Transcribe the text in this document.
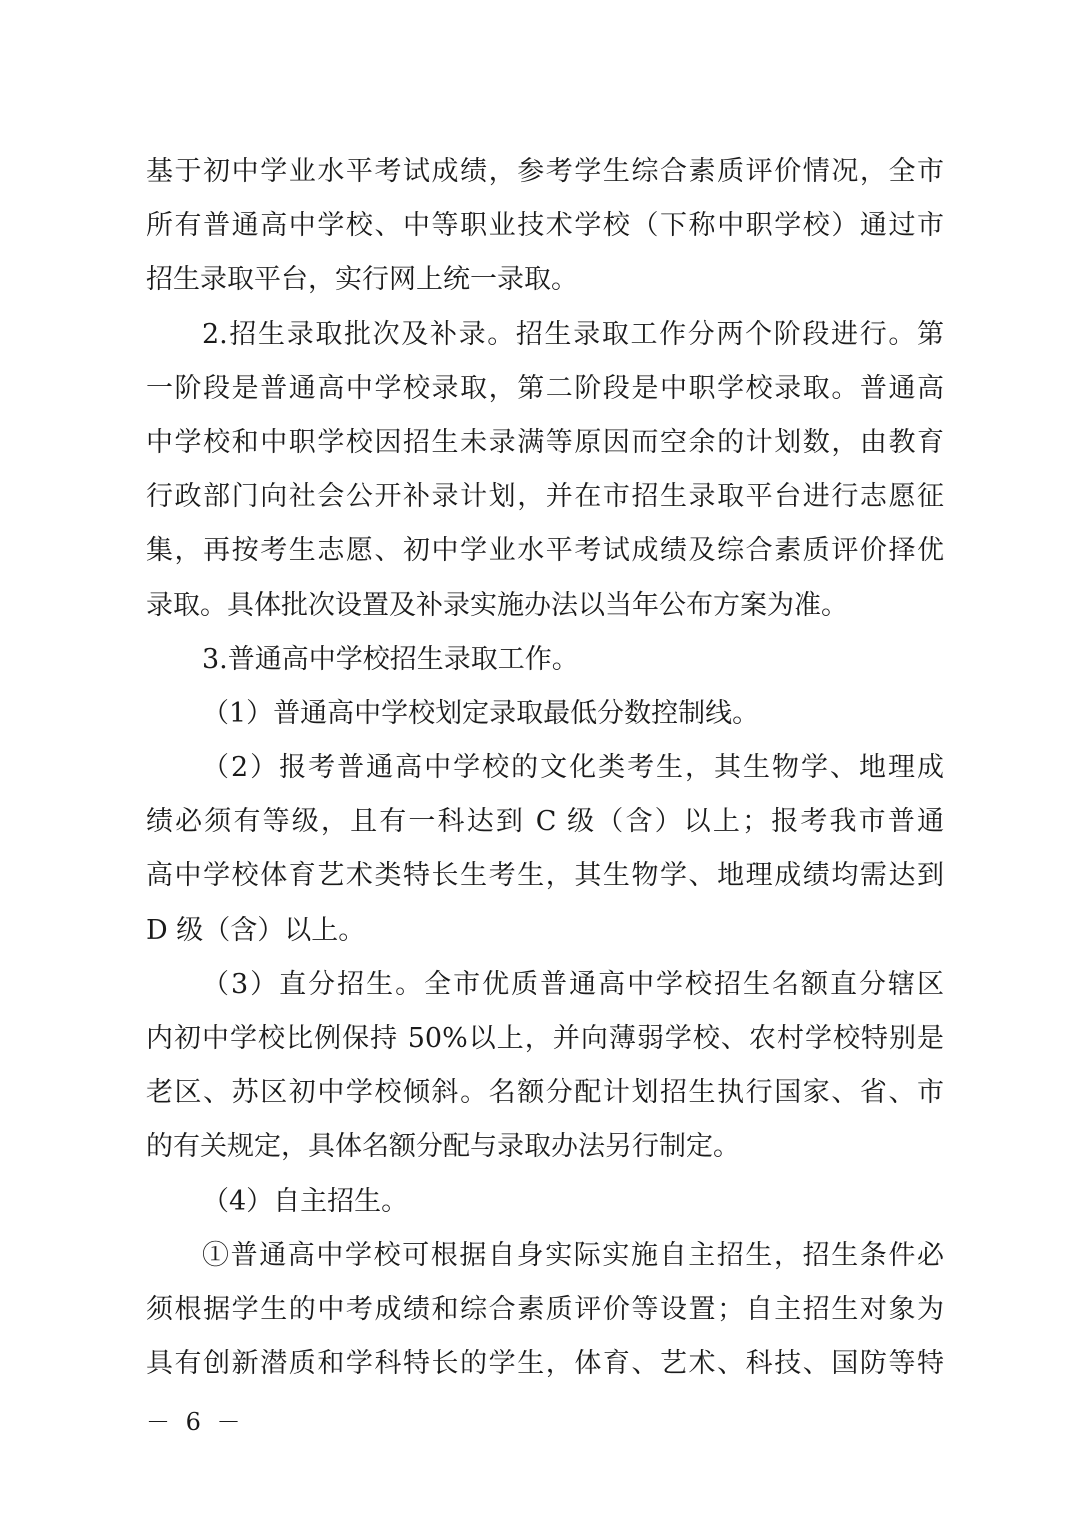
基于初中学业水平考试成绩，参考学生综合素质评价情况，全市
所有普通高中学校、中等职业技术学校（下称中职学校）通过市
招生录取平台，实行网上统一录取。
2.招生录取批次及补录。招生录取工作分两个阶段进行。第
一阶段是普通高中学校录取，第二阶段是中职学校录取。普通高
中学校和中职学校因招生未录满等原因而空余的计划数，由教育
行政部门向社会公开补录计划，并在市招生录取平台进行志愿征
集，再按考生志愿、初中学业水平考试成绩及综合素质评价择优
录取。具体批次设置及补录实施办法以当年公布方案为准。
3.普通高中学校招生录取工作。
（1）普通高中学校划定录取最低分数控制线。
（2）报考普通高中学校的文化类考生，其生物学、地理成
绩必须有等级，且有一科达到 C 级（含）以上；报考我市普通
高中学校体育艺术类特长生考生，其生物学、地理成绩均需达到
D 级（含）以上。
（3）直分招生。全市优质普通高中学校招生名额直分辖区
内初中学校比例保持 50%以上，并向薄弱学校、农村学校特别是
老区、苏区初中学校倾斜。名额分配计划招生执行国家、省、市
的有关规定，具体名额分配与录取办法另行制定。
（4）自主招生。
①普通高中学校可根据自身实际实施自主招生，招生条件必
须根据学生的中考成绩和综合素质评价等设置；自主招生对象为
具有创新潜质和学科特长的学生，体育、艺术、科技、国防等特
－ 6 －
